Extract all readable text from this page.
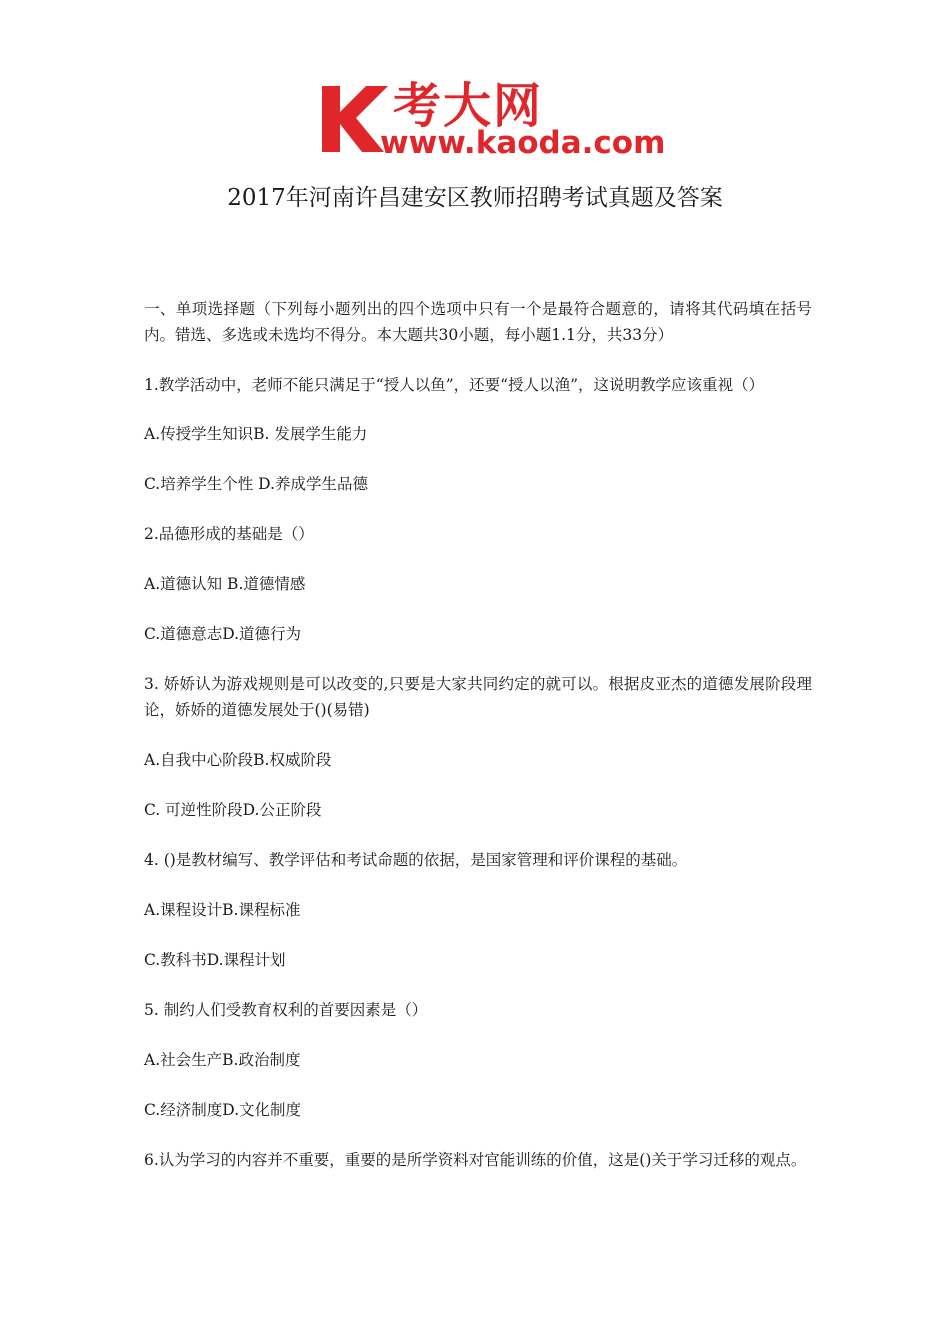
考大网
www.kaoda.com
2017年河南许昌建安区教师招聘考试真题及答案

一、单项选择题（下列每小题列出的四个选项中只有一个是最符合题意的，请将其代码填在括号内。错选、多选或未选均不得分。本大题共30小题，每小题1.1分，共33分）

1.教学活动中，老师不能只满足于“授人以鱼”，还要“授人以渔”，这说明教学应该重视（）

A.传授学生知识B. 发展学生能力

C.培养学生个性 D.养成学生品德

2.品德形成的基础是（）

A.道德认知 B.道德情感

C.道德意志D.道德行为

3. 娇娇认为游戏规则是可以改变的,只要是大家共同约定的就可以。根据皮亚杰的道德发展阶段理论，娇娇的道德发展处于()(易错)

A.自我中心阶段B.权威阶段

C. 可逆性阶段D.公正阶段

4. ()是教材编写、教学评估和考试命题的依据，是国家管理和评价课程的基础。

A.课程设计B.课程标准

C.教科书D.课程计划

5. 制约人们受教育权利的首要因素是（）

A.社会生产B.政治制度

C.经济制度D.文化制度

6.认为学习的内容并不重要，重要的是所学资料对官能训练的价值，这是()关于学习迁移的观点。
